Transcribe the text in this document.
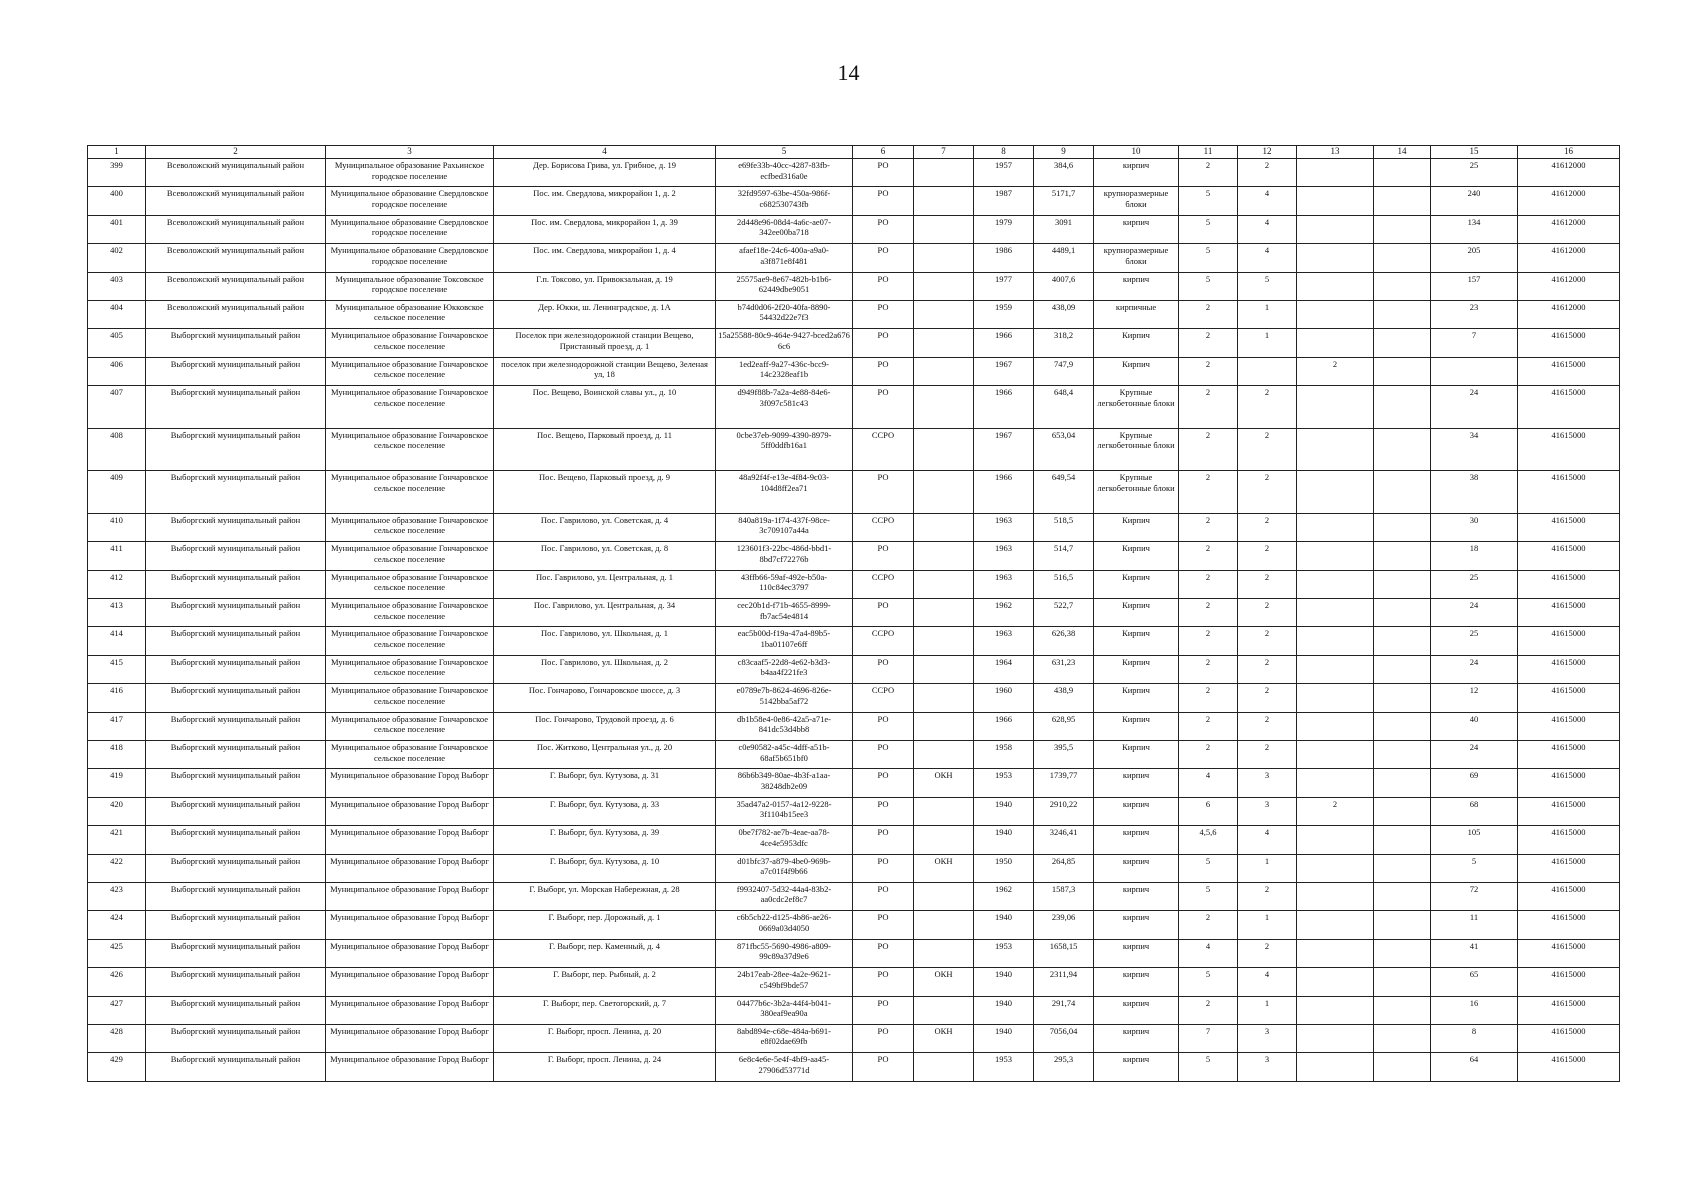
14
1	2	3	4	5	6	7	8	9	10	11	12	13	14	15	16
399	Всеволожский муниципальный район	Муниципальное образование Рахьинское городское поселение	Дер. Борисова Грива, ул. Грибное, д. 19	e69fe33b-40cc-4287-83fb-ecfbed316a0e	РО		1957	384,6	кирпич	2	2			25	41612000
400	Всеволожский муниципальный район	Муниципальное образование Свердловское городское поселение	Пос. им. Свердлова, микрорайон 1, д. 2	32fd9597-63be-450a-986f-c682530743fb	РО		1987	5171,7	крупноразмерные блоки	5	4			240	41612000
401	Всеволожский муниципальный район	Муниципальное образование Свердловское городское поселение	Пос. им. Свердлова, микрорайон 1, д. 39	2d448e96-08d4-4a6c-ae07-342ee00ba718	РО		1979	3091	кирпич	5	4			134	41612000
402	Всеволожский муниципальный район	Муниципальное образование Свердловское городское поселение	Пос. им. Свердлова, микрорайон 1, д. 4	afaef18e-24c6-400a-a9a0-a3f871e8f481	РО		1986	4489,1	крупноразмерные блоки	5	4			205	41612000
403	Всеволожский муниципальный район	Муниципальное образование Токсовское городское поселение	Г.п. Токсово, ул. Привокзальная, д. 19	25575ae9-8e67-482b-b1b6-62449dbe9051	РО		1977	4007,6	кирпич	5	5			157	41612000
404	Всеволожский муниципальный район	Муниципальное образование Юкковское сельское поселение	Дер. Юкки, ш. Ленинградское, д. 1А	b74d0d06-2f20-40fa-8890-54432d22e7f3	РО		1959	438,09	кирпичные	2	1			23	41612000
405	Выборгский муниципальный район	Муниципальное образование Гончаровское сельское поселение	Поселок при железнодорожной станции Вещево, Пристанный проезд, д. 1	15a25588-80c9-464e-9427-bced2a676 6c6	РО		1966	318,2	Кирпич	2	1			7	41615000
406	Выборгский муниципальный район	Муниципальное образование Гончаровское сельское поселение	поселок при железнодорожной станции Вещево, Зеленая ул, 18	1ed2eaff-9a27-436c-bcc9-14c2328eaf1b	РО		1967	747,9	Кирпич	2		2			41615000
407	Выборгский муниципальный район	Муниципальное образование Гончаровское сельское поселение	Пос. Вещево, Воинской славы ул., д. 10	d949f88b-7a2a-4e88-84e6-3f097c581c43	РО		1966	648,4	Крупные легкобетонные блоки	2	2			24	41615000
408	Выборгский муниципальный район	Муниципальное образование Гончаровское сельское поселение	Пос. Вещево, Парковый проезд, д. 11	0cbe37eb-9099-4390-8979-5ff0ddfb16a1	ССРО		1967	653,04	Крупные легкобетонные блоки	2	2			34	41615000
409	Выборгский муниципальный район	Муниципальное образование Гончаровское сельское поселение	Пос. Вещево, Парковый проезд, д. 9	48a92f4f-e13e-4f84-9c03-104d8ff2ea71	РО		1966	649,54	Крупные легкобетонные блоки	2	2			38	41615000
410	Выборгский муниципальный район	Муниципальное образование Гончаровское сельское поселение	Пос. Гаврилово, ул. Советская, д. 4	840a819a-1f74-437f-98ce-3c709107a44a	ССРО		1963	518,5	Кирпич	2	2			30	41615000
411	Выборгский муниципальный район	Муниципальное образование Гончаровское сельское поселение	Пос. Гаврилово, ул. Советская, д. 8	123601f3-22bc-486d-bbd1-8bd7cf72276b	РО		1963	514,7	Кирпич	2	2			18	41615000
412	Выборгский муниципальный район	Муниципальное образование Гончаровское сельское поселение	Пос. Гаврилово, ул. Центральная, д. 1	43ffb66-59af-492e-b50a-110c84ec3797	ССРО		1963	516,5	Кирпич	2	2			25	41615000
413	Выборгский муниципальный район	Муниципальное образование Гончаровское сельское поселение	Пос. Гаврилово, ул. Центральная, д. 34	cec20b1d-f71b-4655-8999-fb7ac54e4814	РО		1962	522,7	Кирпич	2	2			24	41615000
414	Выборгский муниципальный район	Муниципальное образование Гончаровское сельское поселение	Пос. Гаврилово, ул. Школьная, д. 1	eac5b00d-f19a-47a4-89b5-1ba01107e6ff	ССРО		1963	626,38	Кирпич	2	2			25	41615000
415	Выборгский муниципальный район	Муниципальное образование Гончаровское сельское поселение	Пос. Гаврилово, ул. Школьная, д. 2	c83caaf5-22d8-4e62-b3d3-b4aa4f221fe3	РО		1964	631,23	Кирпич	2	2			24	41615000
416	Выборгский муниципальный район	Муниципальное образование Гончаровское сельское поселение	Пос. Гончарово, Гончаровское шоссе, д. 3	e0789e7b-8624-4696-826e-5142bba5af72	ССРО		1960	438,9	Кирпич	2	2			12	41615000
417	Выборгский муниципальный район	Муниципальное образование Гончаровское сельское поселение	Пос. Гончарово, Трудовой проезд, д. 6	db1b58e4-0e86-42a5-a71e-841dc53d4bb8	РО		1966	628,95	Кирпич	2	2			40	41615000
418	Выборгский муниципальный район	Муниципальное образование Гончаровское сельское поселение	Пос. Житково, Центральная ул., д. 20	c0e90582-a45c-4dff-a51b-68af5b651bf0	РО		1958	395,5	Кирпич	2	2			24	41615000
419	Выборгский муниципальный район	Муниципальное образование Город Выборг	Г. Выборг, бул. Кутузова, д. 31	86b6b349-80ae-4b3f-a1aa-38248db2e09	РО	ОКН	1953	1739,77	кирпич	4	3			69	41615000
420	Выборгский муниципальный район	Муниципальное образование Город Выборг	Г. Выборг, бул. Кутузова, д. 33	35ad47a2-0157-4a12-9228-3f1104b15ee3	РО		1940	2910,22	кирпич	6	3	2		68	41615000
421	Выборгский муниципальный район	Муниципальное образование Город Выборг	Г. Выборг, бул. Кутузова, д. 39	0be7f782-ae7b-4eae-aa78-4ce4e5953dfc	РО		1940	3246,41	кирпич	4,5,6	4			105	41615000
422	Выборгский муниципальный район	Муниципальное образование Город Выборг	Г. Выборг, бул. Кутузова, д. 10	d01bfc37-a879-4be0-969b-a7c01f4f9b66	РО	ОКН	1950	264,85	кирпич	5	1			5	41615000
423	Выборгский муниципальный район	Муниципальное образование Город Выборг	Г. Выборг, ул. Морская Набережная, д. 28	f9932407-5d32-44a4-83b2-aa0cdc2ef8c7	РО		1962	1587,3	кирпич	5	2			72	41615000
424	Выборгский муниципальный район	Муниципальное образование Город Выборг	Г. Выборг, пер. Дорожный, д. 1	c6b5cb22-d125-4b86-ae26-0669a03d4050	РО		1940	239,06	кирпич	2	1			11	41615000
425	Выборгский муниципальный район	Муниципальное образование Город Выборг	Г. Выборг, пер. Каменный, д. 4	871fbc55-5690-4986-a809-99c89a37d9e6	РО		1953	1658,15	кирпич	4	2			41	41615000
426	Выборгский муниципальный район	Муниципальное образование Город Выборг	Г. Выборг, пер. Рыбный, д. 2	24b17eab-28ee-4a2e-9621-c549bf9bde57	РО	ОКН	1940	2311,94	кирпич	5	4			65	41615000
427	Выборгский муниципальный район	Муниципальное образование Город Выборг	Г. Выборг, пер. Светогорский, д. 7	04477b6c-3b2a-44f4-b041-380eaf9ea90a	РО		1940	291,74	кирпич	2	1			16	41615000
428	Выборгский муниципальный район	Муниципальное образование Город Выборг	Г. Выборг, просп. Ленина, д. 20	8abd894e-c68e-484a-b691-e8f02dae69fb	РО	ОКН	1940	7056,04	кирпич	7	3			8	41615000
429	Выборгский муниципальный район	Муниципальное образование Город Выборг	Г. Выборг, просп. Ленина, д. 24	6e8c4e6e-5e4f-4bf9-aa45-27906d53771d	РО		1953	295,3	кирпич	5	3			64	41615000
